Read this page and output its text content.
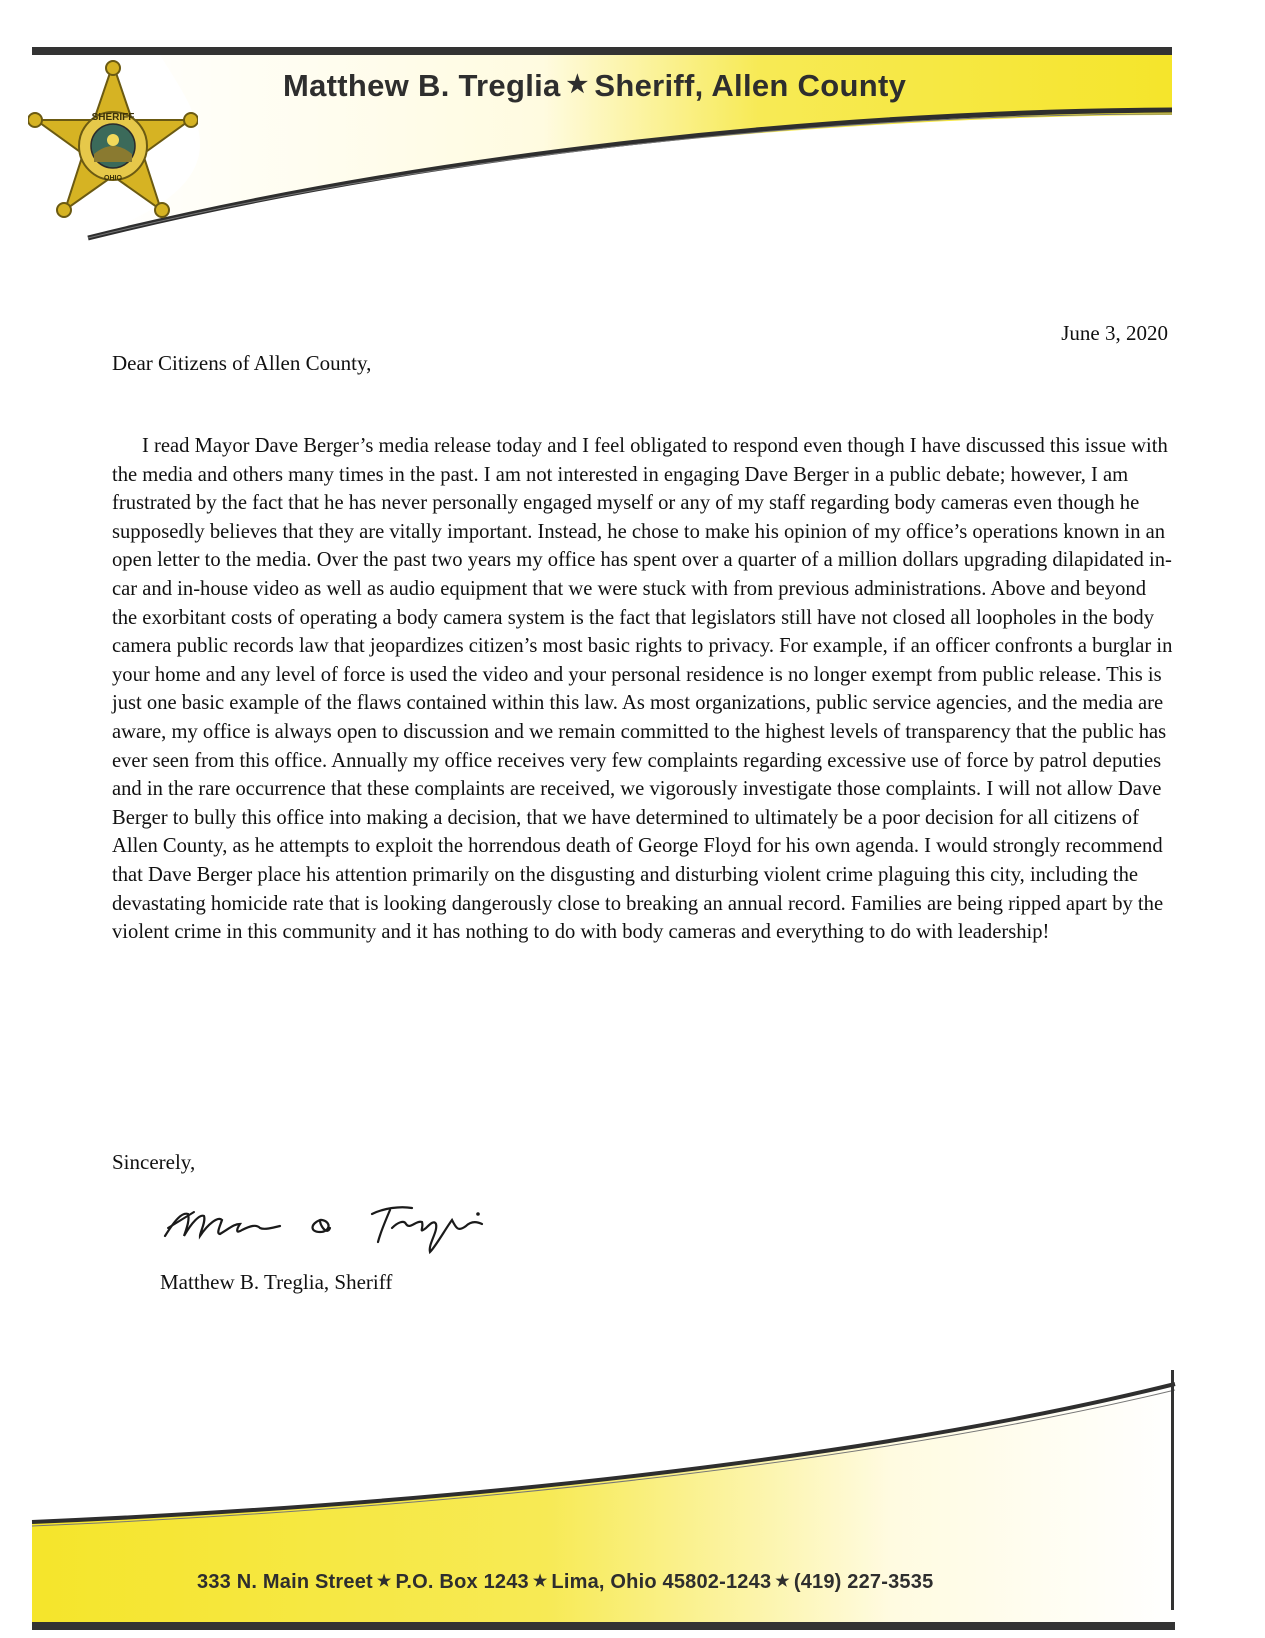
SHERIFF
OHIO
Matthew B. Treglia ★ Sheriff, Allen County
June 3, 2020
Dear Citizens of Allen County,

I read Mayor Dave Berger’s media release today and I feel obligated to respond even though I have discussed this issue with the media and others many times in the past. I am not interested in engaging Dave Berger in a public debate; however, I am frustrated by the fact that he has never personally engaged myself or any of my staff regarding body cameras even though he supposedly believes that they are vitally important. Instead, he chose to make his opinion of my office’s operations known in an open letter to the media. Over the past two years my office has spent over a quarter of a million dollars upgrading dilapidated in-car and in-house video as well as audio equipment that we were stuck with from previous administrations. Above and beyond the exorbitant costs of operating a body camera system is the fact that legislators still have not closed all loopholes in the body camera public records law that jeopardizes citizen’s most basic rights to privacy. For example, if an officer confronts a burglar in your home and any level of force is used the video and your personal residence is no longer exempt from public release. This is just one basic example of the flaws contained within this law. As most organizations, public service agencies, and the media are aware, my office is always open to discussion and we remain committed to the highest levels of transparency that the public has ever seen from this office. Annually my office receives very few complaints regarding excessive use of force by patrol deputies and in the rare occurrence that these complaints are received, we vigorously investigate those complaints. I will not allow Dave Berger to bully this office into making a decision, that we have determined to ultimately be a poor decision for all citizens of Allen County, as he attempts to exploit the horrendous death of George Floyd for his own agenda. I would strongly recommend that Dave Berger place his attention primarily on the disgusting and disturbing violent crime plaguing this city, including the devastating homicide rate that is looking dangerously close to breaking an annual record. Families are being ripped apart by the violent crime in this community and it has nothing to do with body cameras and everything to do with leadership!

Sincerely,
Matthew B. Treglia, Sheriff
333 N. Main Street ★ P.O. Box 1243 ★ Lima, Ohio 45802-1243 ★ (419) 227-3535
